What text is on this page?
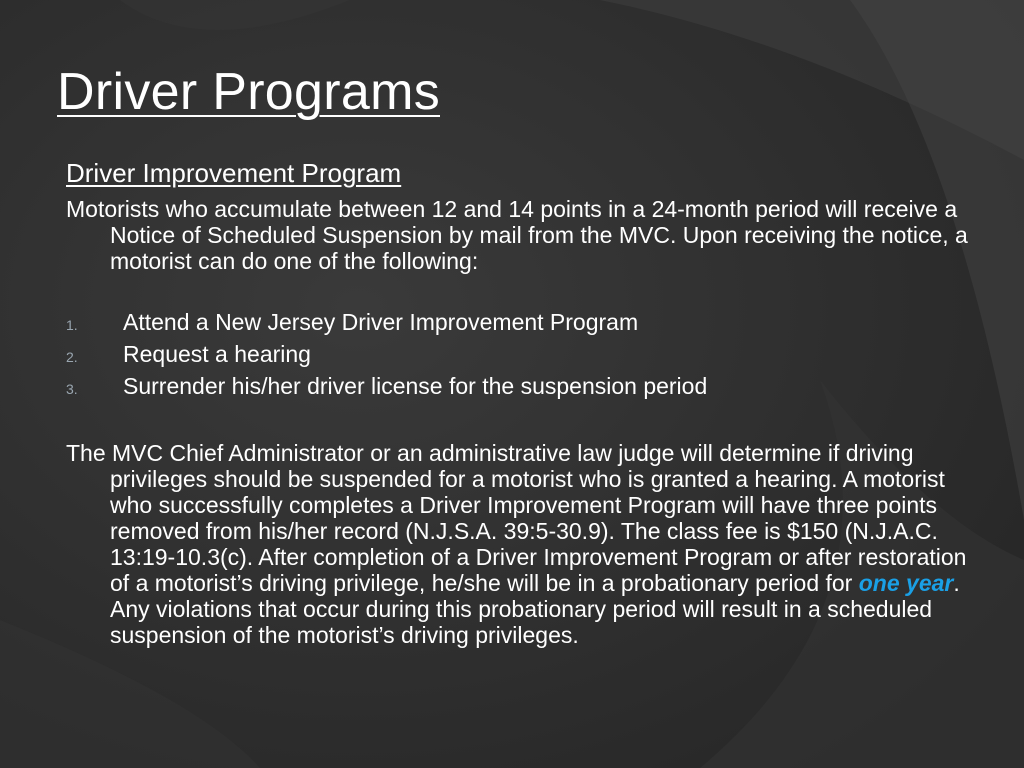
Driver Programs
Driver Improvement Program
Motorists who accumulate between 12 and 14 points in a 24-month period will receive a Notice of Scheduled Suspension by mail from the MVC. Upon receiving the notice, a motorist can do one of the following:
1.	Attend a New Jersey Driver Improvement Program
2.	Request a hearing
3.	Surrender his/her driver license for the suspension period
The MVC Chief Administrator or an administrative law judge will determine if driving privileges should be suspended for a motorist who is granted a hearing. A motorist who successfully completes a Driver Improvement Program will have three points removed from his/her record (N.J.S.A. 39:5-30.9). The class fee is $150 (N.J.A.C. 13:19-10.3(c). After completion of a Driver Improvement Program or after restoration of a motorist’s driving privilege, he/she will be in a probationary period for one year. Any violations that occur during this probationary period will result in a scheduled suspension of the motorist’s driving privileges.
